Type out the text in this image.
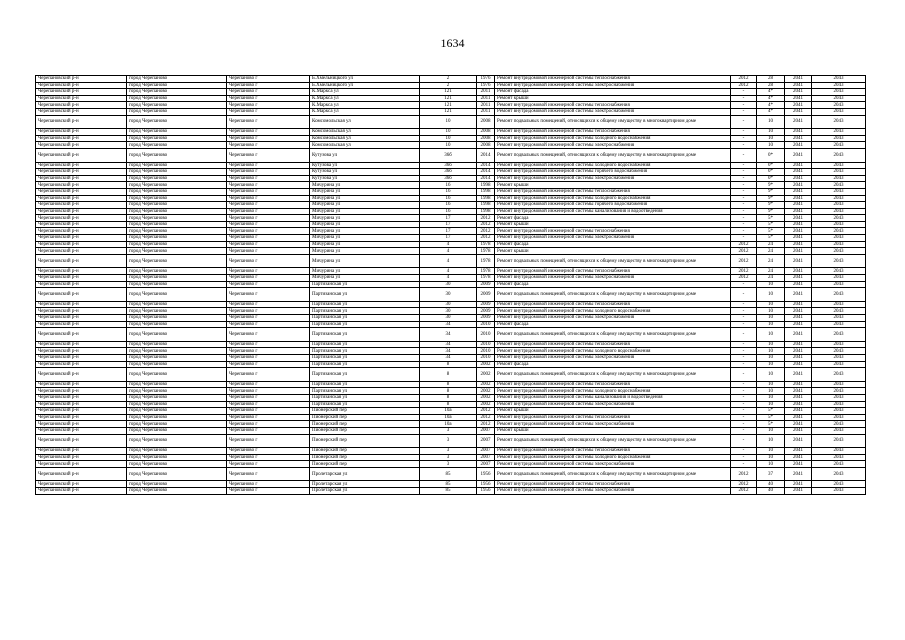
1634
Черепановский р-н	город Черепаново	Черепаново г	Б.Хмельницкого ул	2	1976	Ремонт внутридомовой инженерной системы теплоснабжения	2012	28	2041	2043
Черепановский р-н	город Черепаново	Черепаново г	Б.Хмельницкого ул	2	1976	Ремонт внутридомовой инженерной системы электроснабжения	2012	28	2041	2043
Черепановский р-н	город Черепаново	Черепаново г	К.Маркса ул	121	2011	Ремонт фасада	-	4*	2041	2043
Черепановский р-н	город Черепаново	Черепаново г	К.Маркса ул	121	2011	Ремонт крыши	-	4*	2041	2043
Черепановский р-н	город Черепаново	Черепаново г	К.Маркса ул	121	2011	Ремонт внутридомовой инженерной системы теплоснабжения	-	4*	2041	2043
Черепановский р-н	город Черепаново	Черепаново г	К.Маркса ул	121	2011	Ремонт внутридомовой инженерной системы электроснабжения	-	4*	2041	2043
Черепановский р-н	город Черепаново	Черепаново г	Комсомольская ул	10	2008	Ремонт подвальных помещений, относящихся к общему имуществу в многоквартирном доме	-	10	2041	2043
Черепановский р-н	город Черепаново	Черепаново г	Комсомольская ул	10	2008	Ремонт внутридомовой инженерной системы теплоснабжения	-	10	2041	2043
Черепановский р-н	город Черепаново	Черепаново г	Комсомольская ул	10	2008	Ремонт внутридомовой инженерной системы холодного водоснабжения	-	10	2041	2043
Черепановский р-н	город Черепаново	Черепаново г	Комсомольская ул	10	2008	Ремонт внутридомовой инженерной системы электроснабжения	-	10	2041	2043
Черепановский р-н	город Черепаново	Черепаново г	Кутузова ул	36б	2014	Ремонт подвальных помещений, относящихся к общему имуществу в многоквартирном доме	-	0*	2041	2043
Черепановский р-н	город Черепаново	Черепаново г	Кутузова ул	36б	2014	Ремонт внутридомовой инженерной системы холодного водоснабжения	-	0*	2041	2043
Черепановский р-н	город Черепаново	Черепаново г	Кутузова ул	36б	2014	Ремонт внутридомовой инженерной системы горячего водоснабжения	-	0*	2041	2043
Черепановский р-н	город Черепаново	Черепаново г	Кутузова ул	36б	2014	Ремонт внутридомовой инженерной системы электроснабжения	-	0*	2041	2043
Черепановский р-н	город Черепаново	Черепаново г	Мичурина ул	16	1998	Ремонт крыши	-	9*	2041	2043
Черепановский р-н	город Черепаново	Черепаново г	Мичурина ул	16	1998	Ремонт внутридомовой инженерной системы теплоснабжения	-	9*	2041	2043
Черепановский р-н	город Черепаново	Черепаново г	Мичурина ул	16	1998	Ремонт внутридомовой инженерной системы холодного водоснабжения	-	9*	2041	2043
Черепановский р-н	город Черепаново	Черепаново г	Мичурина ул	16	1998	Ремонт внутридомовой инженерной системы горячего водоснабжения	-	9*	2041	2043
Черепановский р-н	город Черепаново	Черепаново г	Мичурина ул	16	1998	Ремонт внутридомовой инженерной системы канализования и водоотведения	-	9*	2041	2043
Черепановский р-н	город Черепаново	Черепаново г	Мичурина ул	17	2012	Ремонт фасада	-	5*	2041	2043
Черепановский р-н	город Черепаново	Черепаново г	Мичурина ул	17	2012	Ремонт крыши	-	5*	2041	2043
Черепановский р-н	город Черепаново	Черепаново г	Мичурина ул	17	2012	Ремонт внутридомовой инженерной системы теплоснабжения	-	5*	2041	2043
Черепановский р-н	город Черепаново	Черепаново г	Мичурина ул	17	2012	Ремонт внутридомовой инженерной системы электроснабжения	-	5*	2041	2043
Черепановский р-н	город Черепаново	Черепаново г	Мичурина ул	4	1978	Ремонт фасада	2012	24	2041	2043
Черепановский р-н	город Черепаново	Черепаново г	Мичурина ул	4	1978	Ремонт крыши	2012	24	2041	2043
Черепановский р-н	город Черепаново	Черепаново г	Мичурина ул	4	1978	Ремонт подвальных помещений, относящихся к общему имуществу в многоквартирном доме	2012	24	2041	2043
Черепановский р-н	город Черепаново	Черепаново г	Мичурина ул	4	1978	Ремонт внутридомовой инженерной системы теплоснабжения	2012	24	2041	2043
Черепановский р-н	город Черепаново	Черепаново г	Мичурина ул	4	1978	Ремонт внутридомовой инженерной системы электроснабжения	2012	24	2041	2043
Черепановский р-н	город Черепаново	Черепаново г	Партизанская ул	30	2009	Ремонт фасада	-	10	2041	2043
Черепановский р-н	город Черепаново	Черепаново г	Партизанская ул	30	2009	Ремонт подвальных помещений, относящихся к общему имуществу в многоквартирном доме	-	10	2041	2043
Черепановский р-н	город Черепаново	Черепаново г	Партизанская ул	30	2009	Ремонт внутридомовой инженерной системы теплоснабжения	-	10	2041	2043
Черепановский р-н	город Черепаново	Черепаново г	Партизанская ул	30	2009	Ремонт внутридомовой инженерной системы холодного водоснабжения	-	10	2041	2043
Черепановский р-н	город Черепаново	Черепаново г	Партизанская ул	30	2009	Ремонт внутридомовой инженерной системы электроснабжения	-	10	2041	2043
Черепановский р-н	город Черепаново	Черепаново г	Партизанская ул	34	2010	Ремонт фасада	-	10	2041	2043
Черепановский р-н	город Черепаново	Черепаново г	Партизанская ул	34	2010	Ремонт подвальных помещений, относящихся к общему имуществу в многоквартирном доме	-	10	2041	2043
Черепановский р-н	город Черепаново	Черепаново г	Партизанская ул	34	2010	Ремонт внутридомовой инженерной системы теплоснабжения	-	10	2041	2043
Черепановский р-н	город Черепаново	Черепаново г	Партизанская ул	34	2010	Ремонт внутридомовой инженерной системы холодного водоснабжения	-	10	2041	2043
Черепановский р-н	город Черепаново	Черепаново г	Партизанская ул	34	2010	Ремонт внутридомовой инженерной системы электроснабжения	-	10	2041	2043
Черепановский р-н	город Черепаново	Черепаново г	Партизанская ул	8	2002	Ремонт фасада	-	10	2041	2043
Черепановский р-н	город Черепаново	Черепаново г	Партизанская ул	8	2002	Ремонт подвальных помещений, относящихся к общему имуществу в многоквартирном доме	-	10	2041	2043
Черепановский р-н	город Черепаново	Черепаново г	Партизанская ул	8	2002	Ремонт внутридомовой инженерной системы теплоснабжения	-	10	2041	2043
Черепановский р-н	город Черепаново	Черепаново г	Партизанская ул	8	2002	Ремонт внутридомовой инженерной системы холодного водоснабжения	-	10	2041	2043
Черепановский р-н	город Черепаново	Черепаново г	Партизанская ул	8	2002	Ремонт внутридомовой инженерной системы канализования и водоотведения	-	10	2041	2043
Черепановский р-н	город Черепаново	Черепаново г	Партизанская ул	8	2002	Ремонт внутридомовой инженерной системы электроснабжения	-	10	2041	2043
Черепановский р-н	город Черепаново	Черепаново г	Пионерский пер	10а	2012	Ремонт крыши	-	5*	2041	2043
Черепановский р-н	город Черепаново	Черепаново г	Пионерский пер	10а	2012	Ремонт внутридомовой инженерной системы теплоснабжения	-	5*	2041	2043
Черепановский р-н	город Черепаново	Черепаново г	Пионерский пер	10а	2012	Ремонт внутридомовой инженерной системы электроснабжения	-	5*	2041	2043
Черепановский р-н	город Черепаново	Черепаново г	Пионерский пер	3	2007	Ремонт крыши	-	10	2041	2043
Черепановский р-н	город Черепаново	Черепаново г	Пионерский пер	3	2007	Ремонт подвальных помещений, относящихся к общему имуществу в многоквартирном доме	-	10	2041	2043
Черепановский р-н	город Черепаново	Черепаново г	Пионерский пер	3	2007	Ремонт внутридомовой инженерной системы теплоснабжения	-	10	2041	2043
Черепановский р-н	город Черепаново	Черепаново г	Пионерский пер	3	2007	Ремонт внутридомовой инженерной системы холодного водоснабжения	-	10	2041	2043
Черепановский р-н	город Черепаново	Черепаново г	Пионерский пер	3	2007	Ремонт внутридомовой инженерной системы электроснабжения	-	10	2041	2043
Черепановский р-н	город Черепаново	Черепаново г	Пролетарская ул	85	1956	Ремонт подвальных помещений, относящихся к общему имуществу в многоквартирном доме	2012	37	2041	2043
Черепановский р-н	город Черепаново	Черепаново г	Пролетарская ул	85	1956	Ремонт внутридомовой инженерной системы теплоснабжения	2012	40	2041	2043
Черепановский р-н	город Черепаново	Черепаново г	Пролетарская ул	85	1956	Ремонт внутридомовой инженерной системы электроснабжения	2012	40	2041	2043
